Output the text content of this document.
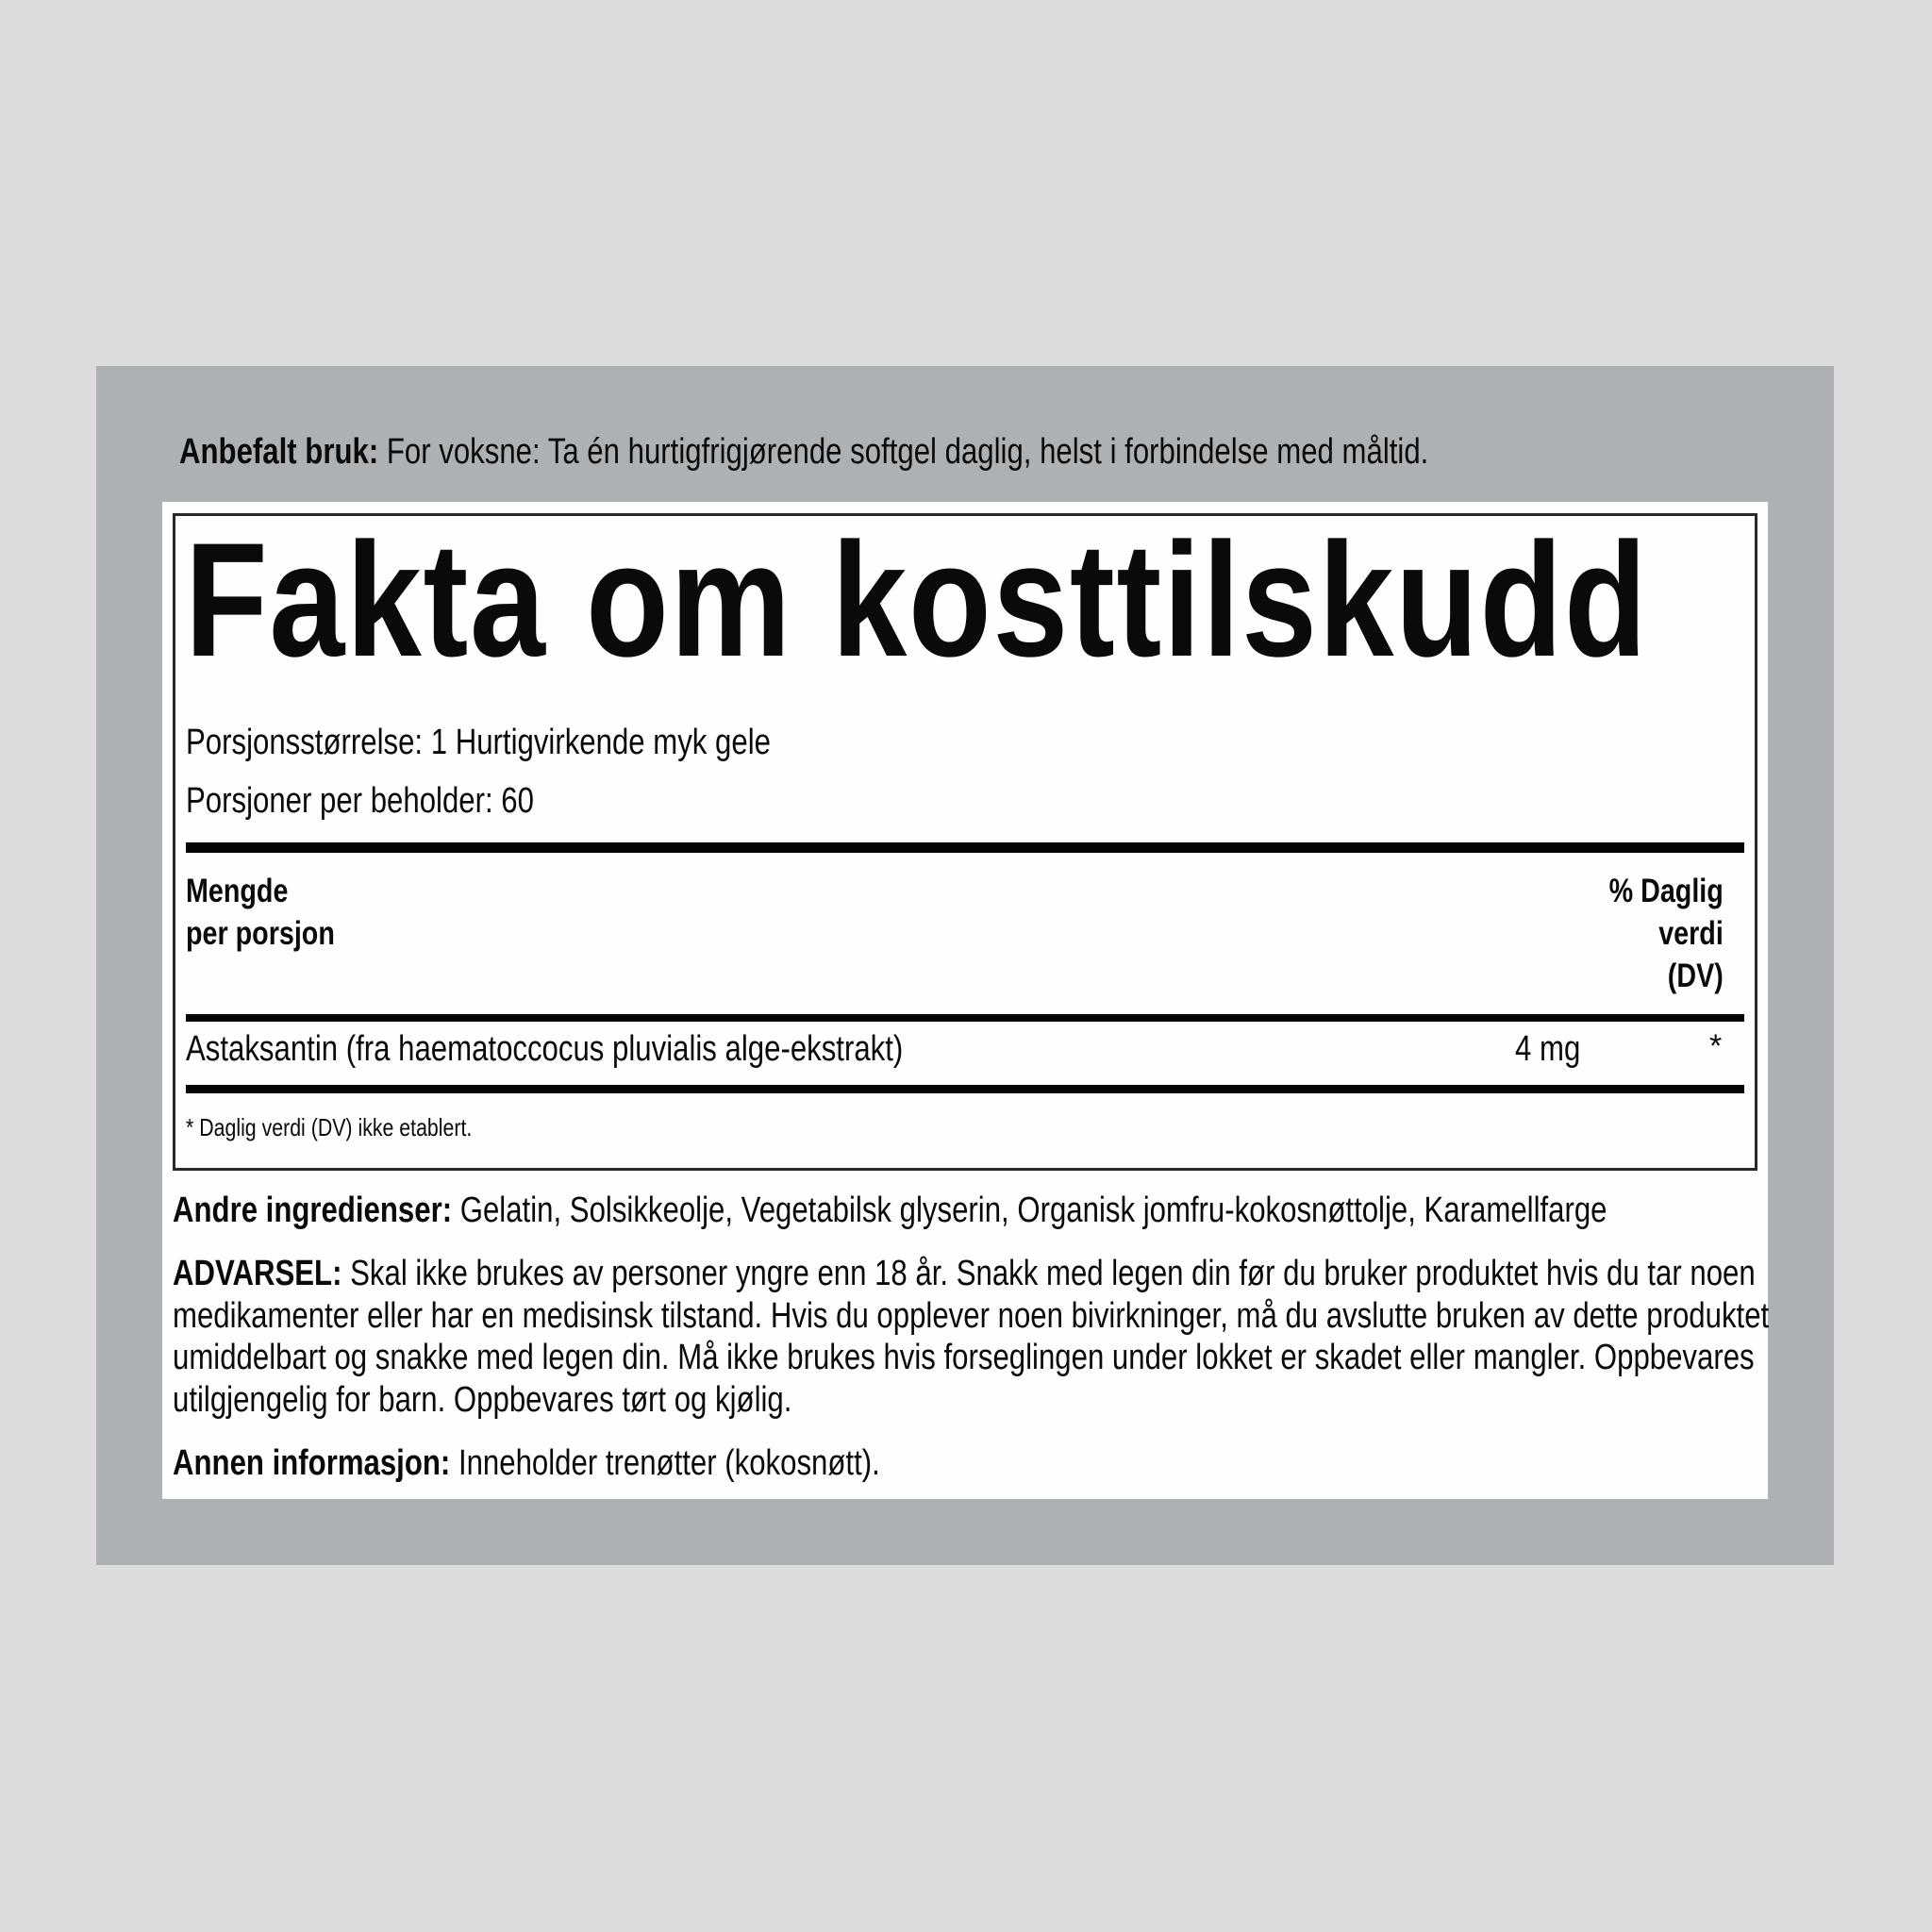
Anbefalt bruk: For voksne: Ta én hurtigfrigjørende softgel daglig, helst i forbindelse med måltid.
Fakta om kosttilskudd
Porsjonsstørrelse: 1 Hurtigvirkende myk gele
Porsjoner per beholder: 60
Mengde
per porsjon
% Daglig
verdi
(DV)
Astaksantin (fra haematoccocus pluvialis alge-ekstrakt)	4 mg	*
* Daglig verdi (DV) ikke etablert.
Andre ingredienser: Gelatin, Solsikkeolje, Vegetabilsk glyserin, Organisk jomfru-kokosnøttolje, Karamellfarge
ADVARSEL: Skal ikke brukes av personer yngre enn 18 år. Snakk med legen din før du bruker produktet hvis du tar noen medikamenter eller har en medisinsk tilstand. Hvis du opplever noen bivirkninger, må du avslutte bruken av dette produktet umiddelbart og snakke med legen din. Må ikke brukes hvis forseglingen under lokket er skadet eller mangler. Oppbevares utilgjengelig for barn. Oppbevares tørt og kjølig.
Annen informasjon: Inneholder trenøtter (kokosnøtt).
